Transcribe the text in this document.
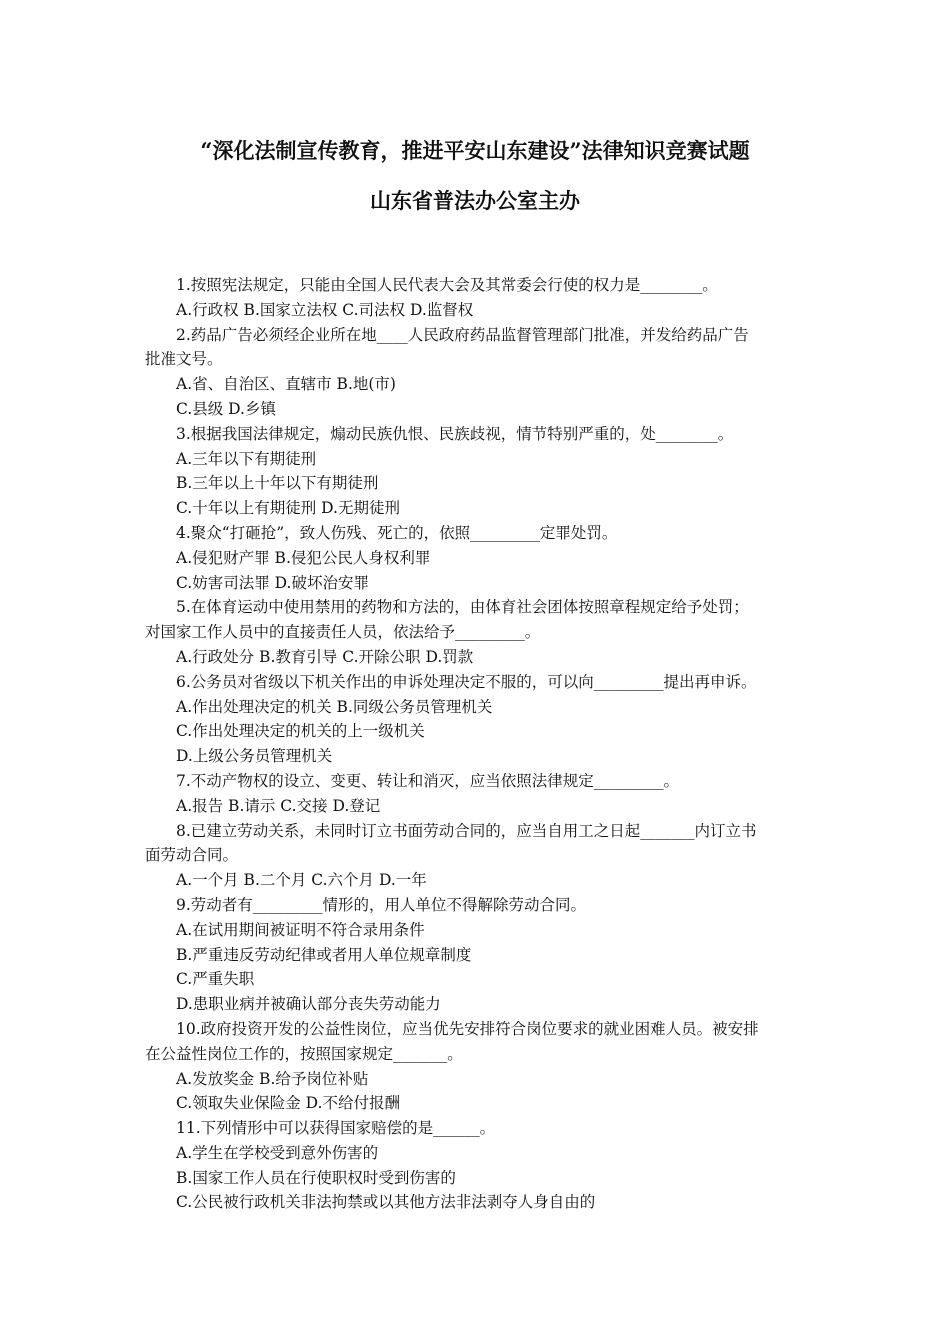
“深化法制宣传教育，推进平安山东建设”法律知识竞赛试题
山东省普法办公室主办
1.按照宪法规定，只能由全国人民代表大会及其常委会行使的权力是________。
A.行政权 B.国家立法权 C.司法权 D.监督权
2.药品广告必须经企业所在地____人民政府药品监督管理部门批准，并发给药品广告
批准文号。
A.省、自治区、直辖市 B.地(市)
C.县级 D.乡镇
3.根据我国法律规定，煽动民族仇恨、民族歧视，情节特别严重的，处________。
A.三年以下有期徒刑
B.三年以上十年以下有期徒刑
C.十年以上有期徒刑 D.无期徒刑
4.聚众“打砸抢”，致人伤残、死亡的，依照_________定罪处罚。
A.侵犯财产罪 B.侵犯公民人身权利罪
C.妨害司法罪 D.破坏治安罪
5.在体育运动中使用禁用的药物和方法的，由体育社会团体按照章程规定给予处罚；
对国家工作人员中的直接责任人员，依法给予_________。
A.行政处分 B.教育引导 C.开除公职 D.罚款
6.公务员对省级以下机关作出的申诉处理决定不服的，可以向_________提出再申诉。
A.作出处理决定的机关 B.同级公务员管理机关
C.作出处理决定的机关的上一级机关
D.上级公务员管理机关
7.不动产物权的设立、变更、转让和消灭，应当依照法律规定_________。
A.报告 B.请示 C.交接 D.登记
8.已建立劳动关系，未同时订立书面劳动合同的，应当自用工之日起_______内订立书
面劳动合同。
A.一个月 B.二个月 C.六个月 D.一年
9.劳动者有_________情形的，用人单位不得解除劳动合同。
A.在试用期间被证明不符合录用条件
B.严重违反劳动纪律或者用人单位规章制度
C.严重失职
D.患职业病并被确认部分丧失劳动能力
10.政府投资开发的公益性岗位，应当优先安排符合岗位要求的就业困难人员。被安排
在公益性岗位工作的，按照国家规定_______。
A.发放奖金 B.给予岗位补贴
C.领取失业保险金 D.不给付报酬
11.下列情形中可以获得国家赔偿的是______。
A.学生在学校受到意外伤害的
B.国家工作人员在行使职权时受到伤害的
C.公民被行政机关非法拘禁或以其他方法非法剥夺人身自由的
